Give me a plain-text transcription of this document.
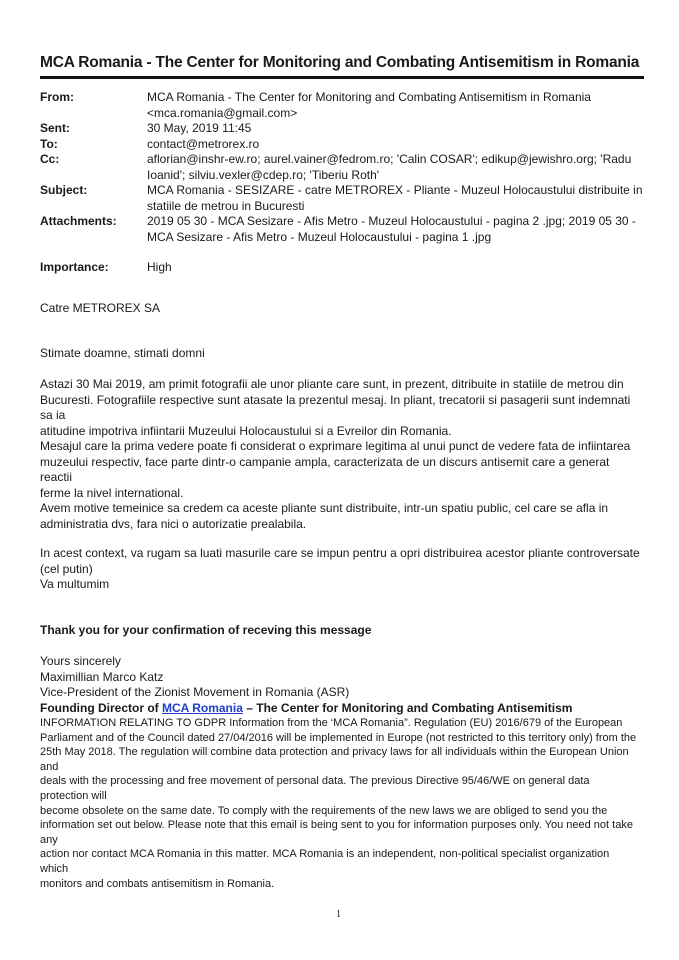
MCA Romania - The Center for Monitoring and Combating Antisemitism in Romania
From:	MCA Romania - The Center for Monitoring and Combating Antisemitism in Romania
<mca.romania@gmail.com>
Sent:	30 May, 2019 11:45
To:	contact@metrorex.ro
Cc:	aflorian@inshr-ew.ro; aurel.vainer@fedrom.ro; 'Calin COSAR'; edikup@jewishro.org; 'Radu
Ioanid'; silviu.vexler@cdep.ro; 'Tiberiu Roth'
Subject:	MCA Romania - SESIZARE - catre METROREX - Pliante - Muzeul Holocaustului distribuite in
statiile de metrou in Bucuresti
Attachments:	2019 05 30 - MCA Sesizare - Afis Metro - Muzeul Holocaustului - pagina 2 .jpg; 2019 05 30 -
MCA Sesizare - Afis Metro - Muzeul Holocaustului - pagina 1 .jpg
Importance:	High
Catre METROREX SA
Stimate doamne, stimati domni

Astazi 30 Mai 2019, am primit fotografii ale unor pliante care sunt, in prezent, ditribuite in statiile de metrou din

Bucuresti. Fotografiile respective sunt atasate la prezentul mesaj. In pliant, trecatorii si pasagerii sunt indemnati sa ia

atitudine impotriva infiintarii Muzeului Holocaustului si a Evreilor din Romania.

Mesajul care la prima vedere poate fi considerat o exprimare legitima al unui punct de vedere fata de infiintarea

muzeului respectiv, face parte dintr-o campanie ampla, caracterizata de un discurs antisemit care a generat reactii

ferme la nivel international.

Avem motive temeinice sa credem ca aceste pliante sunt distribuite, intr-un spatiu public, cel care se afla in

administratia dvs, fara nici o autorizatie prealabila.

In acest context, va rugam sa luati masurile care se impun pentru a opri distribuirea acestor pliante controversate

(cel putin)

Va multumim

Thank you for your confirmation of receving this message

Yours sincerely

Maximillian Marco Katz

Vice-President of the Zionist Movement in Romania (ASR)

Founding Director of MCA Romania – The Center for Monitoring and Combating Antisemitism

INFORMATION RELATING TO GDPR Information from the ‘MCA Romania”. Regulation (EU) 2016/679 of the European

Parliament and of the Council dated 27/04/2016 will be implemented in Europe (not restricted to this territory only) from the

25th May 2018. The regulation will combine data protection and privacy laws for all individuals within the European Union and

deals with the processing and free movement of personal data. The previous Directive 95/46/WE on general data protection will

become obsolete on the same date. To comply with the requirements of the new laws we are obliged to send you the

information set out below. Please note that this email is being sent to you for information purposes only. You need not take any

action nor contact MCA Romania in this matter. MCA Romania is an independent, non-political specialist organization which

monitors and combats antisemitism in Romania.

1
